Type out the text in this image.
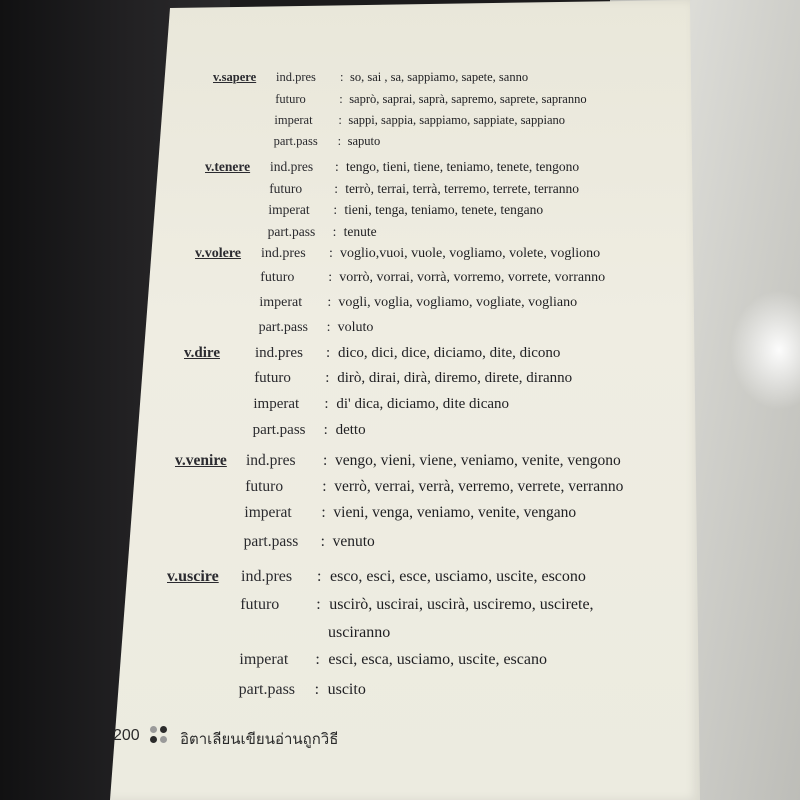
v.sapere ind.pres : so, sai , sa, sappiamo, sapete, sanno
futuro	: saprò, saprai, saprà, sapremo, saprete, sapranno
imperat : sappi, sappia, sappiamo, sappiate, sappiano
part.pass : saputo
v.tenere ind.pres : tengo, tieni, tiene, teniamo, tenete, tengono
futuro : terrò, terrai, terrà, terremo, terrete, terranno
imperat : tieni, tenga, teniamo, tenete, tengano
part.pass : tenute
v.volere ind.pres : voglio,vuoi, vuole, vogliamo, volete, vogliono
futuro : vorrò, vorrai, vorrà, vorremo, vorrete, vorranno
imperat : vogli, voglia, vogliamo, vogliate, vogliano
part.pass : voluto
v.dire ind.pres : dico, dici, dice, diciamo, dite, dicono
futuro : dirò, dirai, dirà, diremo, direte, diranno
imperat : di' dica, diciamo, dite dicano
part.pass : detto
v.venire ind.pres : vengo, vieni, viene, veniamo, venite, vengono
futuro	: verrò, verrai, verrà, verremo, verrete, verranno
imperat : vieni, venga, veniamo, venite, vengano
part.pass : venuto
v.uscire ind.pres : esco, esci, esce, usciamo, uscite, escono
futuro : uscirò, uscirai, uscirà, usciremo, uscirete,
usciranno
imperat : esci, esca, usciamo, uscite, escano
part.pass : uscito
200	อิตาเลียนเขียนอ่านถูกวิธี
